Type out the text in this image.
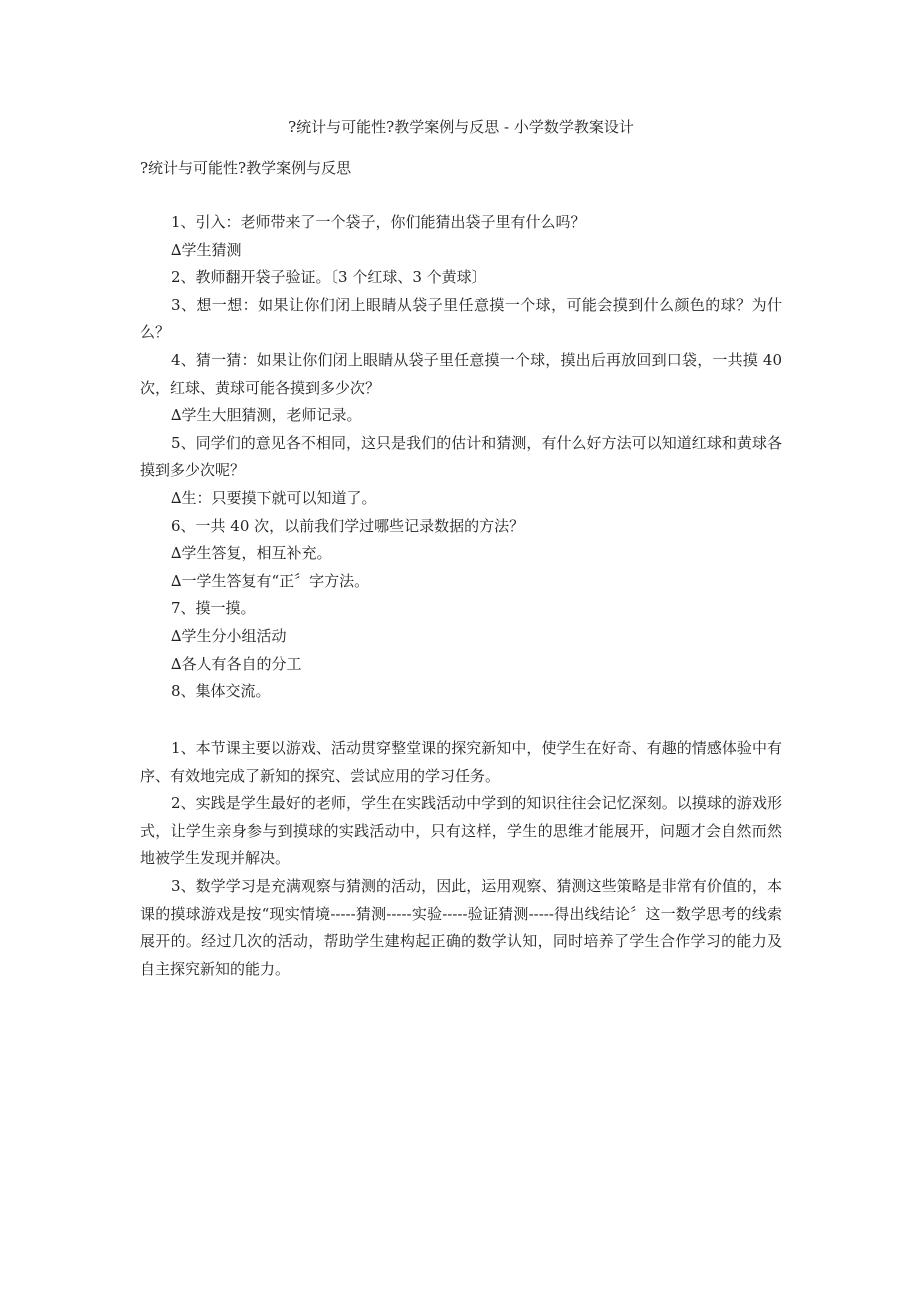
?统计与可能性?教学案例与反思 - 小学数学教案设计
?统计与可能性?教学案例与反思

1、引入：老师带来了一个袋子，你们能猜出袋子里有什么吗？

∆学生猜测

2、教师翻开袋子验证。〔3 个红球、3 个黄球〕

3、想一想：如果让你们闭上眼睛从袋子里任意摸一个球，可能会摸到什么颜色的球？为什么？

4、猜一猜：如果让你们闭上眼睛从袋子里任意摸一个球，摸出后再放回到口袋，一共摸 40 次，红球、黄球可能各摸到多少次？

∆学生大胆猜测，老师记录。

5、同学们的意见各不相同，这只是我们的估计和猜测，有什么好方法可以知道红球和黄球各摸到多少次呢？

∆生：只要摸下就可以知道了。

6、一共 40 次，以前我们学过哪些记录数据的方法？

∆学生答复，相互补充。

∆一学生答复有“正〞字方法。

7、摸一摸。

∆学生分小组活动

∆各人有各自的分工

8、集体交流。

1、本节课主要以游戏、活动贯穿整堂课的探究新知中，使学生在好奇、有趣的情感体验中有序、有效地完成了新知的探究、尝试应用的学习任务。

2、实践是学生最好的老师，学生在实践活动中学到的知识往往会记忆深刻。以摸球的游戏形式，让学生亲身参与到摸球的实践活动中，只有这样，学生的思维才能展开，问题才会自然而然地被学生发现并解决。

3、数学学习是充满观察与猜测的活动，因此，运用观察、猜测这些策略是非常有价值的，本课的摸球游戏是按“现实情境-----猜测-----实验-----验证猜测-----得出线结论〞这一数学思考的线索展开的。经过几次的活动，帮助学生建构起正确的数学认知，同时培养了学生合作学习的能力及自主探究新知的能力。
